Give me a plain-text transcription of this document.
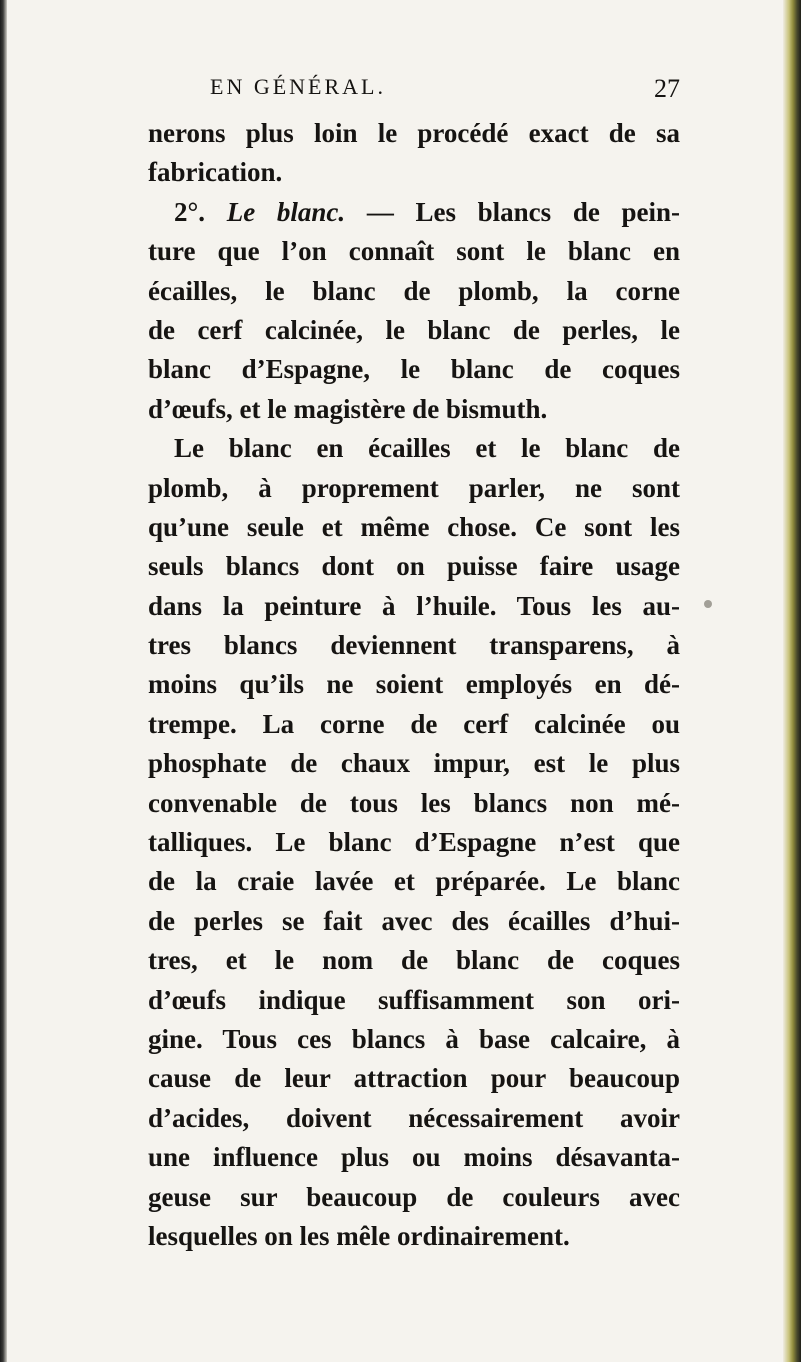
EN GÉNÉRAL.	27
nerons plus loin le procédé exact de sa
fabrication.
2°. Le blanc. — Les blancs de pein-
ture que l’on connaît sont le blanc en
écailles, le blanc de plomb, la corne
de cerf calcinée, le blanc de perles, le
blanc d’Espagne, le blanc de coques
d’œufs, et le magistère de bismuth.
Le blanc en écailles et le blanc de
plomb, à proprement parler, ne sont
qu’une seule et même chose. Ce sont les
seuls blancs dont on puisse faire usage
dans la peinture à l’huile. Tous les au-
tres blancs deviennent transparens, à
moins qu’ils ne soient employés en dé-
trempe. La corne de cerf calcinée ou
phosphate de chaux impur, est le plus
convenable de tous les blancs non mé-
talliques. Le blanc d’Espagne n’est que
de la craie lavée et préparée. Le blanc
de perles se fait avec des écailles d’hui-
tres, et le nom de blanc de coques
d’œufs indique suffisamment son ori-
gine. Tous ces blancs à base calcaire, à
cause de leur attraction pour beaucoup
d’acides, doivent nécessairement avoir
une influence plus ou moins désavanta-
geuse sur beaucoup de couleurs avec
lesquelles on les mêle ordinairement.
